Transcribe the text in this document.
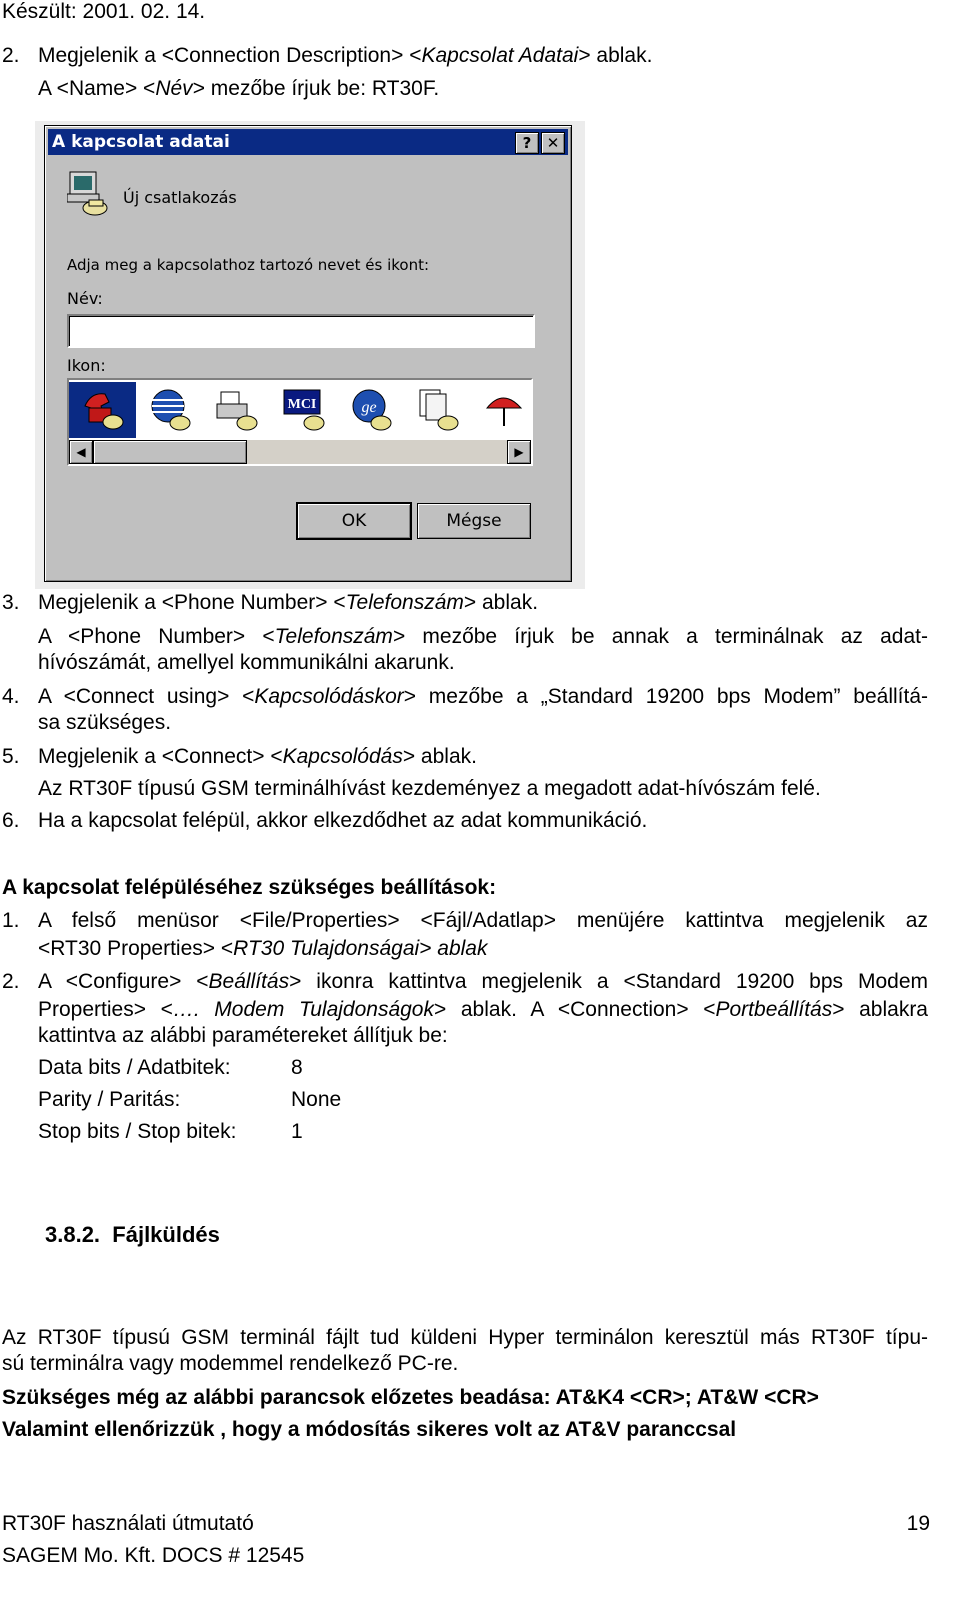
Készült: 2001. 02. 14.
2. Megjelenik a <Connection Description> <Kapcsolat Adatai> ablak.
A <Name> <Név> mezőbe írjuk be: RT30F.
A kapcsolat adatai	?	✕
Új csatlakozás
Adja meg a kapcsolathoz tartozó nevet és ikont:
Név:
Ikon:
MCI	ge
◀	▶
OK	Mégse
3. Megjelenik a <Phone Number> <Telefonszám> ablak.
A <Phone Number> <Telefonszám> mezőbe írjuk be annak a terminálnak az adat-
hívószámát, amellyel kommunikálni akarunk.
4. A <Connect using> <Kapcsolódáskor> mezőbe a „Standard 19200 bps Modem” beállítá-
sa szükséges.
5. Megjelenik a <Connect> <Kapcsolódás> ablak.
Az RT30F típusú GSM terminálhívást kezdeményez a megadott adat-hívószám felé.
6. Ha a kapcsolat felépül, akkor elkezdődhet az adat kommunikáció.
A kapcsolat felépüléséhez szükséges beállítások:
1. A felső menüsor <File/Properties> <Fájl/Adatlap> menüjére kattintva megjelenik az
<RT30 Properties> <RT30 Tulajdonságai> ablak
2. A <Configure> <Beállítás> ikonra kattintva megjelenik a <Standard 19200 bps Modem
Properties> <…. Modem Tulajdonságok> ablak. A <Connection> <Portbeállítás> ablakra
kattintva az alábbi paramétereket állítjuk be:
Data bits / Adatbitek:	8
Parity / Paritás:	None
Stop bits / Stop bitek:	1
3.8.2. Fájlküldés
Az RT30F típusú GSM terminál fájlt tud küldeni Hyper terminálon keresztül más RT30F típu-
sú terminálra vagy modemmel rendelkező PC-re.
Szükséges még az alábbi parancsok előzetes beadása: AT&K4 <CR>; AT&W <CR>
Valamint ellenőrizzük , hogy a módosítás sikeres volt az AT&V paranccsal
RT30F használati útmutató	19
SAGEM Mo. Kft. DOCS # 12545
